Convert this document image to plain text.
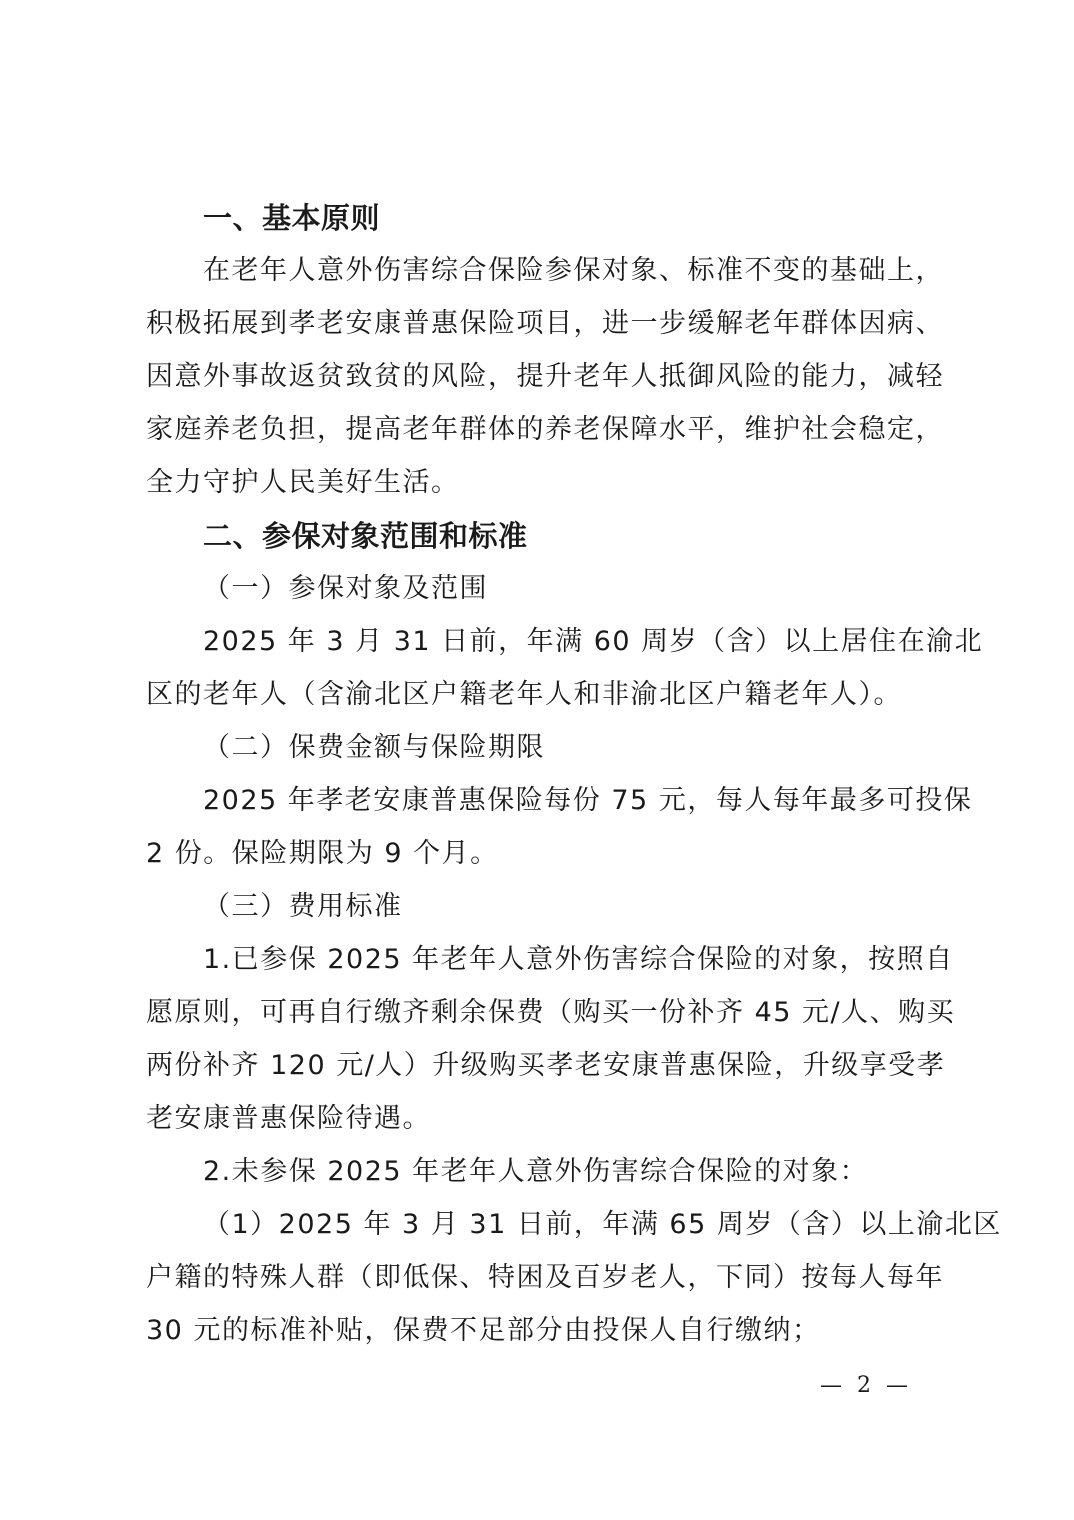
一、基本原则
在老年人意外伤害综合保险参保对象、标准不变的基础上，
积极拓展到孝老安康普惠保险项目，进一步缓解老年群体因病、
因意外事故返贫致贫的风险，提升老年人抵御风险的能力，减轻
家庭养老负担，提高老年群体的养老保障水平，维护社会稳定，
全力守护人民美好生活。
二、参保对象范围和标准
（一）参保对象及范围
2025 年 3 月 31 日前，年满 60 周岁（含）以上居住在渝北
区的老年人（含渝北区户籍老年人和非渝北区户籍老年人）。
（二）保费金额与保险期限
2025 年孝老安康普惠保险每份 75 元，每人每年最多可投保
2 份。保险期限为 9 个月。
（三）费用标准
1.已参保 2025 年老年人意外伤害综合保险的对象，按照自
愿原则，可再自行缴齐剩余保费（购买一份补齐 45 元/人、购买
两份补齐 120 元/人）升级购买孝老安康普惠保险，升级享受孝
老安康普惠保险待遇。
2.未参保 2025 年老年人意外伤害综合保险的对象：
（1）2025 年 3 月 31 日前，年满 65 周岁（含）以上渝北区
户籍的特殊人群（即低保、特困及百岁老人，下同）按每人每年
30 元的标准补贴，保费不足部分由投保人自行缴纳；
— 2 —
